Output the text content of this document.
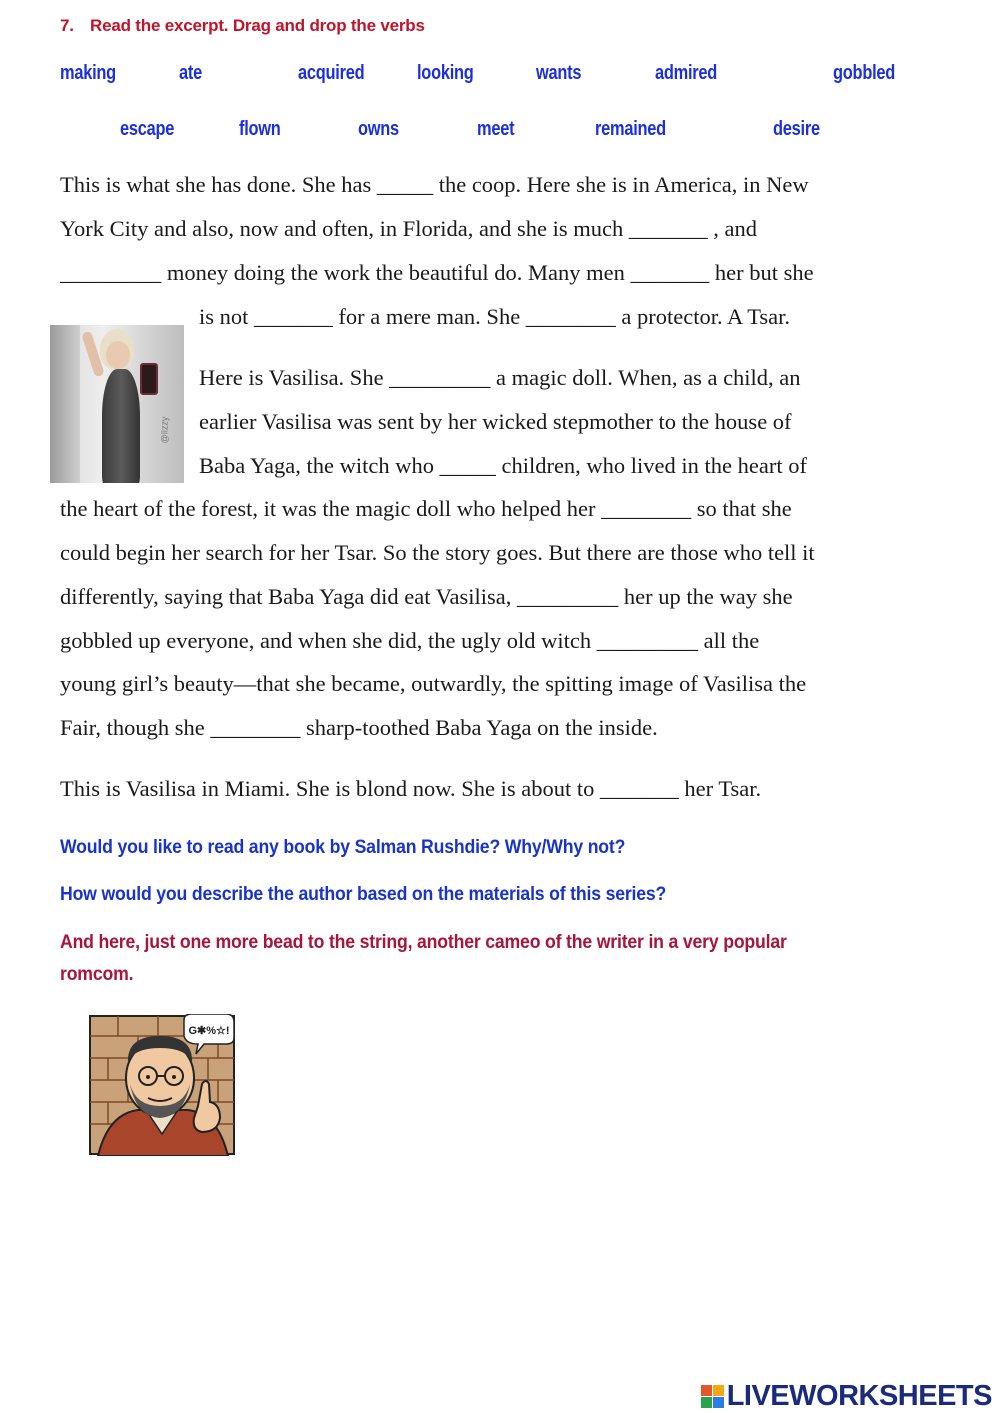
7. Read the excerpt. Drag and drop the verbs
making	ate	acquired	looking	wants	admired	gobbled
escape	flown	owns	meet	remained	desire
This is what she has done. She has _____ the coop. Here she is in America, in New
York City and also, now and often, in Florida, and she is much _______ , and
_________ money doing the work the beautiful do. Many men _______ her but she
is not _______ for a mere man. She ________ a protector. A Tsar.
@lizzy
Here is Vasilisa. She _________ a magic doll. When, as a child, an
earlier Vasilisa was sent by her wicked stepmother to the house of
Baba Yaga, the witch who _____ children, who lived in the heart of
the heart of the forest, it was the magic doll who helped her ________ so that she
could begin her search for her Tsar. So the story goes. But there are those who tell it
differently, saying that Baba Yaga did eat Vasilisa, _________ her up the way she
gobbled up everyone, and when she did, the ugly old witch _________ all the
young girl’s beauty—that she became, outwardly, the spitting image of Vasilisa the
Fair, though she ________ sharp-toothed Baba Yaga on the inside.
This is Vasilisa in Miami. She is blond now. She is about to _______ her Tsar.
Would you like to read any book by Salman Rushdie? Why/Why not?
How would you describe the author based on the materials of this series?
And here, just one more bead to the string, another cameo of the writer in a very popular
romcom.
G✱%☆!
LIVEWORKSHEETS
